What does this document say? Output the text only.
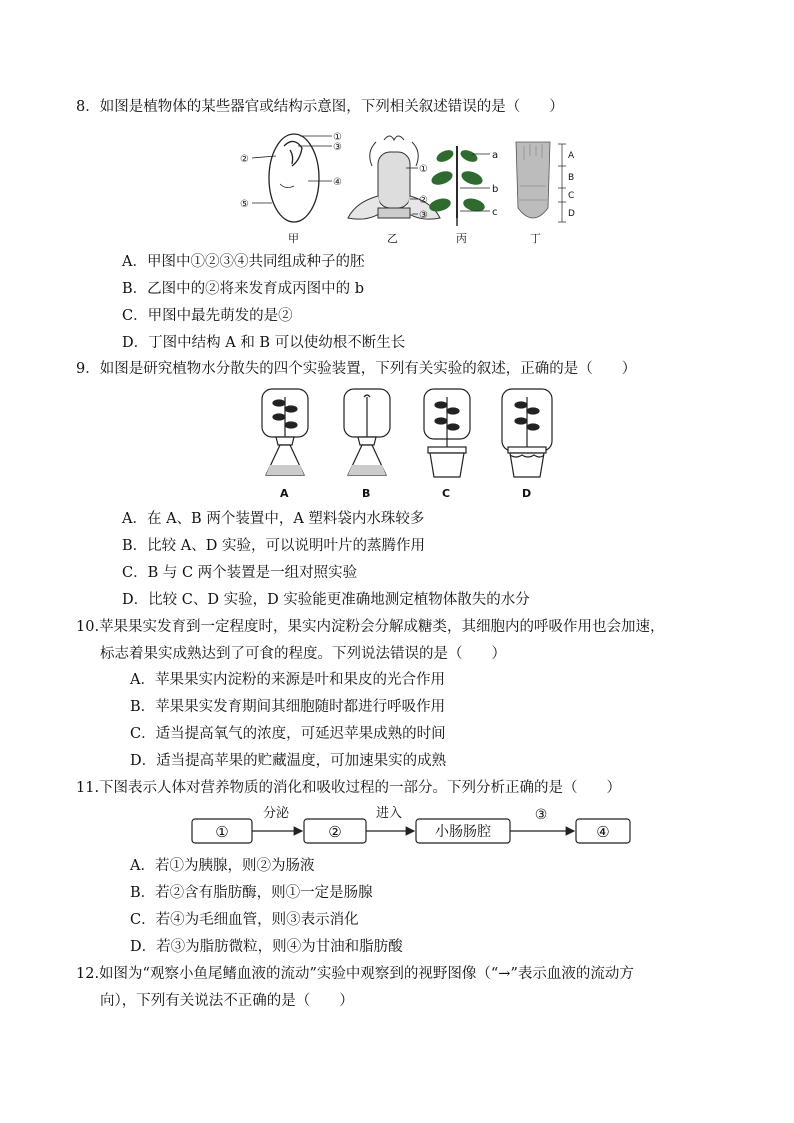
8．如图是植物体的某些器官或结构示意图，下列相关叙述错误的是（　　）
①
③
②
④
⑤
①
②
③
a
b
c
A
B
C
D
甲	乙	丙	丁
A．甲图中①②③④共同组成种子的胚
B．乙图中的②将来发育成丙图中的 b
C．甲图中最先萌发的是②
D．丁图中结构 A 和 B 可以使幼根不断生长
9．如图是研究植物水分散失的四个实验装置，下列有关实验的叙述，正确的是（　　）
A	B	C	D
A．在 A、B 两个装置中，A 塑料袋内水珠较多
B．比较 A、D 实验，可以说明叶片的蒸腾作用
C．B 与 C 两个装置是一组对照实验
D．比较 C、D 实验，D 实验能更准确地测定植物体散失的水分
10.苹果果实发育到一定程度时，果实内淀粉会分解成糖类，其细胞内的呼吸作用也会加速，
标志着果实成熟达到了可食的程度。下列说法错误的是（　　）
A．苹果果实内淀粉的来源是叶和果皮的光合作用
B．苹果果实发育期间其细胞随时都进行呼吸作用
C．适当提高氧气的浓度，可延迟苹果成熟的时间
D．适当提高苹果的贮藏温度，可加速果实的成熟
11.下图表示人体对营养物质的消化和吸收过程的一部分。下列分析正确的是（　　）
①	②	小肠肠腔	④
分泌	进入	③
A．若①为胰腺，则②为肠液
B．若②含有脂肪酶，则①一定是肠腺
C．若④为毛细血管，则③表示消化
D．若③为脂肪微粒，则④为甘油和脂肪酸
12.如图为“观察小鱼尾鳍血液的流动”实验中观察到的视野图像（“→”表示血液的流动方
向），下列有关说法不正确的是（　　）
